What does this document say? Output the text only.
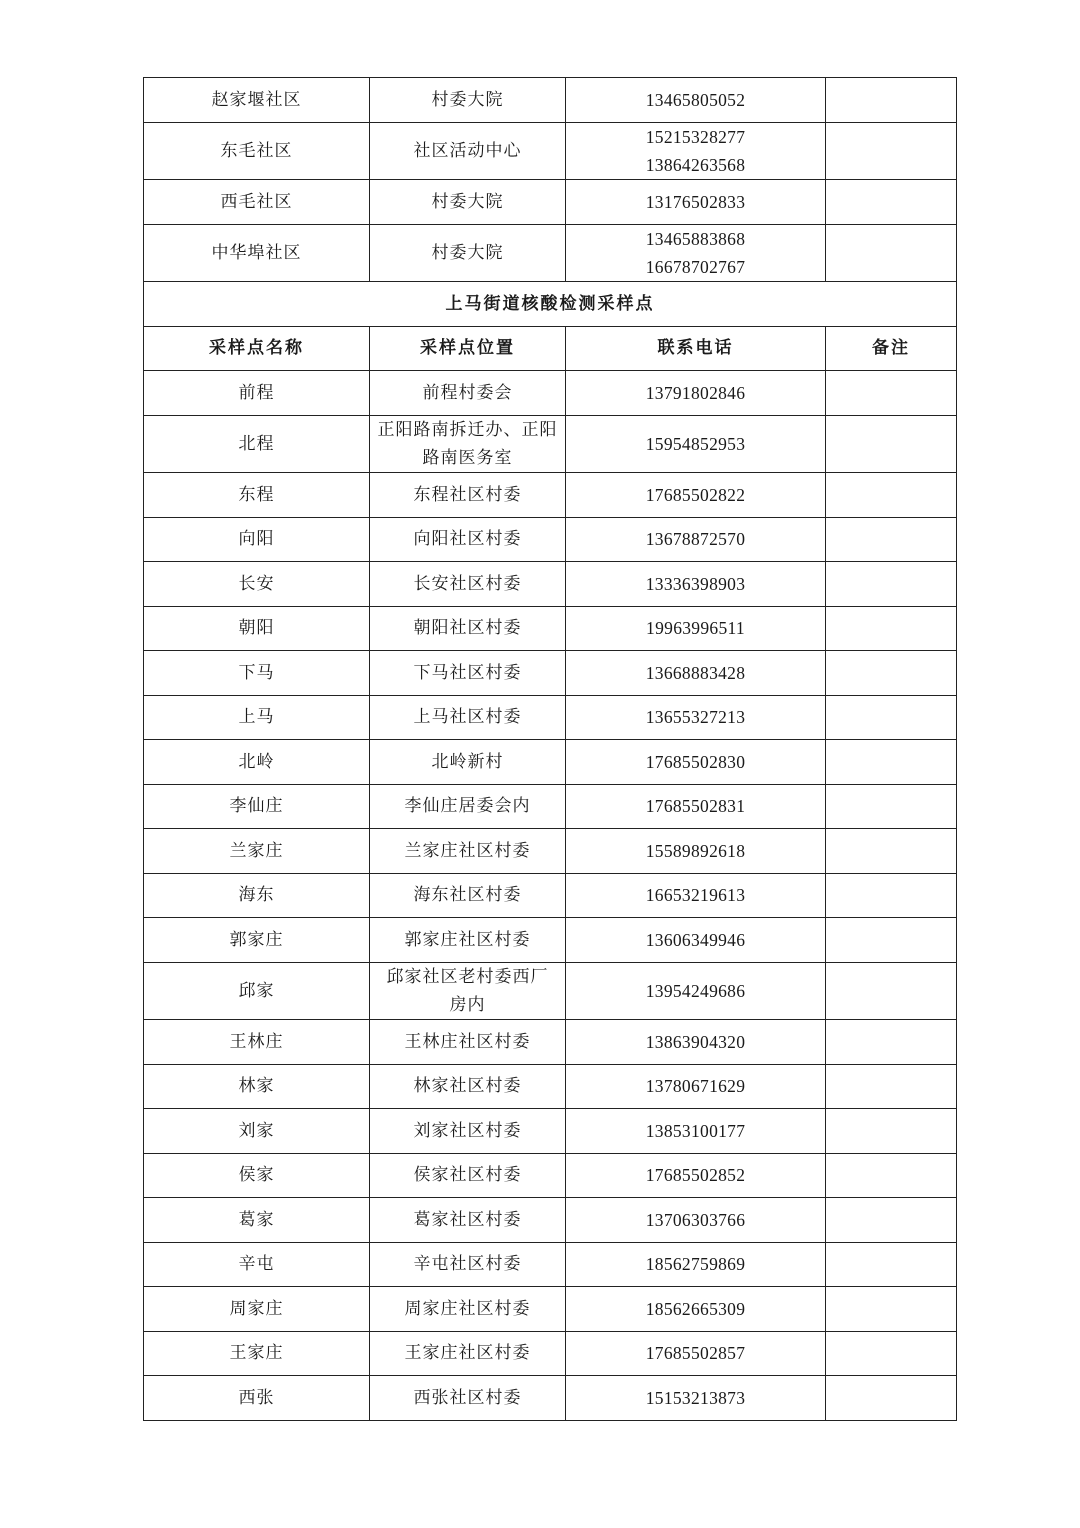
赵家堰社区	村委大院	13465805052	

东毛社区	社区活动中心	15215328277
13864263568	

西毛社区	村委大院	13176502833	

中华埠社区	村委大院	13465883868
16678702767	

上马街道核酸检测采样点			
采样点名称	采样点位置	联系电话	备注
前程	前程村委会	13791802846	
北程	正阳路南拆迁办、正阳
路南医务室	15954852953	
东程	东程社区村委	17685502822	
向阳	向阳社区村委	13678872570	
长安	长安社区村委	13336398903	
朝阳	朝阳社区村委	19963996511	
下马	下马社区村委	13668883428	
上马	上马社区村委	13655327213	
北岭	北岭新村	17685502830	
李仙庄	李仙庄居委会内	17685502831	
兰家庄	兰家庄社区村委	15589892618	
海东	海东社区村委	16653219613	
郭家庄	郭家庄社区村委	13606349946	
邱家	邱家社区老村委西厂
房内	13954249686	
王林庄	王林庄社区村委	13863904320	
林家	林家社区村委	13780671629	
刘家	刘家社区村委	13853100177	
侯家	侯家社区村委	17685502852	
葛家	葛家社区村委	13706303766	
辛屯	辛屯社区村委	18562759869	
周家庄	周家庄社区村委	18562665309	
王家庄	王家庄社区村委	17685502857	
西张	西张社区村委	15153213873	
